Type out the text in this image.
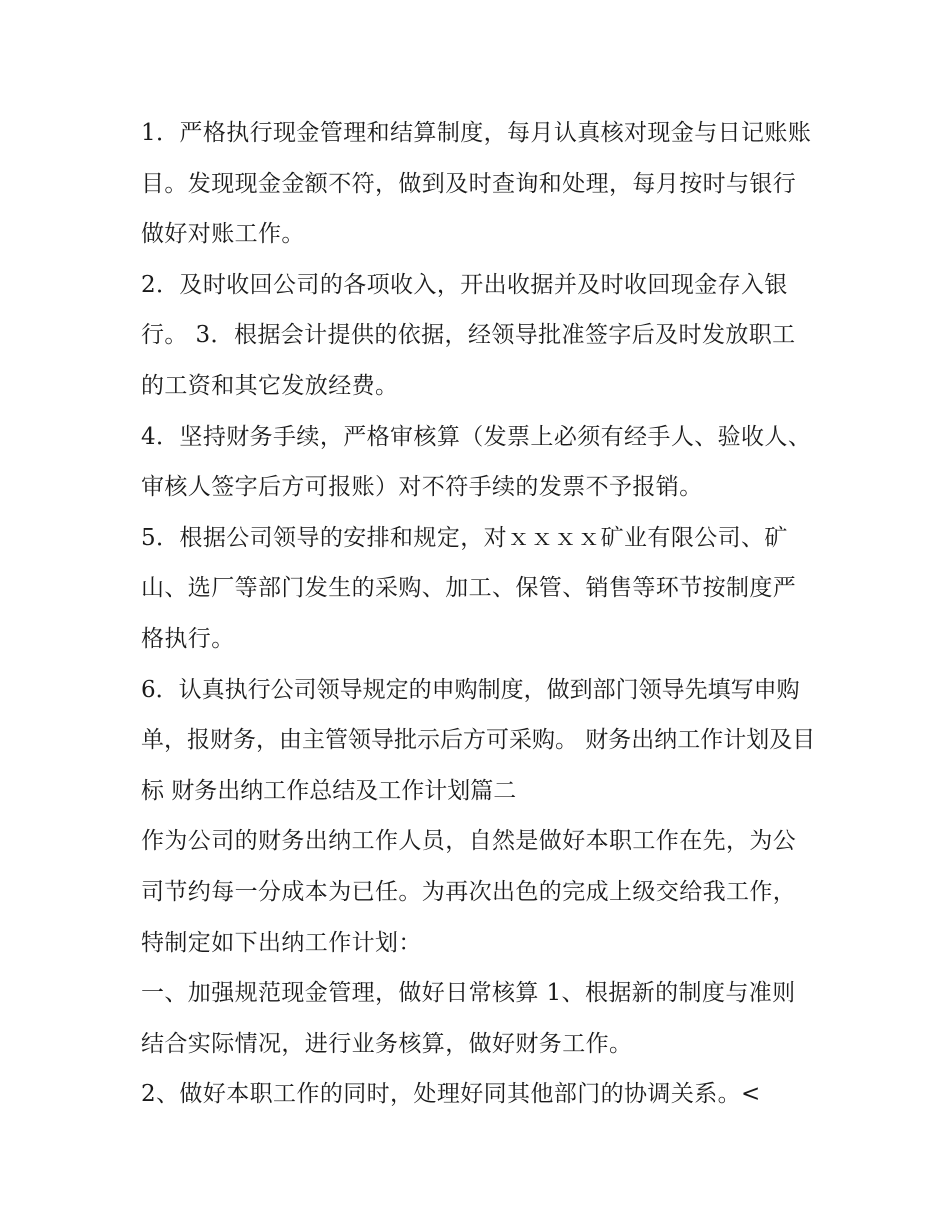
1．严格执行现金管理和结算制度，每月认真核对现金与日记账账目。发现现金金额不符，做到及时查询和处理，每月按时与银行做好对账工作。

2．及时收回公司的各项收入，开出收据并及时收回现金存入银行。 3．根据会计提供的依据，经领导批准签字后及时发放职工的工资和其它发放经费。

4．坚持财务手续，严格审核算（发票上必须有经手人、验收人、审核人签字后方可报账）对不符手续的发票不予报销。

5．根据公司领导的安排和规定，对ｘｘｘｘ矿业有限公司、矿山、选厂等部门发生的采购、加工、保管、销售等环节按制度严格执行。

6．认真执行公司领导规定的申购制度，做到部门领导先填写申购单，报财务，由主管领导批示后方可采购。 财务出纳工作计划及目标 财务出纳工作总结及工作计划篇二

作为公司的财务出纳工作人员，自然是做好本职工作在先，为公司节约每一分成本为已任。为再次出色的完成上级交给我工作，特制定如下出纳工作计划：

一、加强规范现金管理，做好日常核算 1、根据新的制度与准则结合实际情况，进行业务核算，做好财务工作。

2、做好本职工作的同时，处理好同其他部门的协调关系。<
